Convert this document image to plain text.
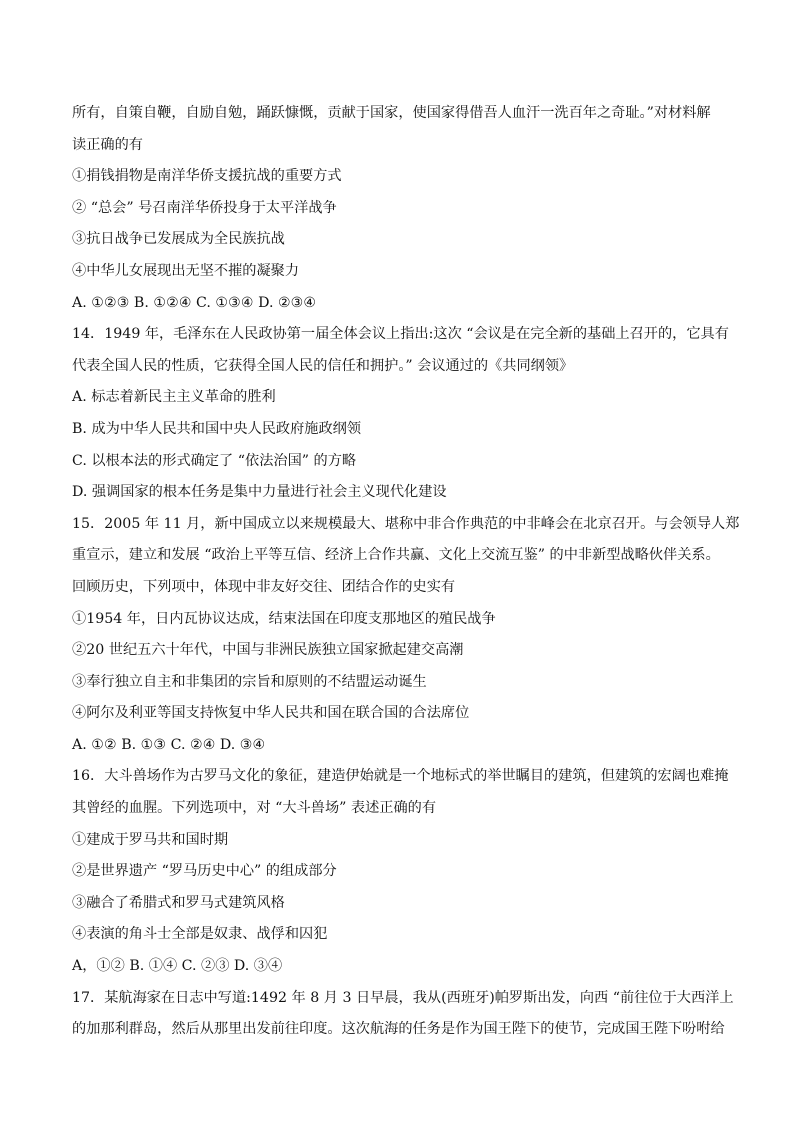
所有，自策自鞭，自励自勉，踊跃慷慨，贡献于国家，使国家得借吾人血汗一洗百年之奇耻。”对材料解
读正确的有
①捐钱捐物是南洋华侨支援抗战的重要方式
② “总会” 号召南洋华侨投身于太平洋战争
③抗日战争已发展成为全民族抗战
④中华儿女展现出无坚不摧的凝聚力
A. ①②③ B. ①②④ C. ①③④ D. ②③④
14．1949 年，毛泽东在人民政协第一届全体会议上指出:这次 “会议是在完全新的基础上召开的，它具有
代表全国人民的性质，它获得全国人民的信任和拥护。” 会议通过的《共同纲领》
A. 标志着新民主主义革命的胜利
B. 成为中华人民共和国中央人民政府施政纲领
C. 以根本法的形式确定了 “依法治国” 的方略
D. 强调国家的根本任务是集中力量进行社会主义现代化建设
15．2005 年 11 月，新中国成立以来规模最大、堪称中非合作典范的中非峰会在北京召开。与会领导人郑
重宣示，建立和发展 “政治上平等互信、经济上合作共赢、文化上交流互鉴” 的中非新型战略伙伴关系。
回顾历史，下列项中，体现中非友好交往、团结合作的史实有
①1954 年，日内瓦协议达成，结束法国在印度支那地区的殖民战争
②20 世纪五六十年代，中国与非洲民族独立国家掀起建交高潮
③奉行独立自主和非集团的宗旨和原则的不结盟运动诞生
④阿尔及利亚等国支持恢复中华人民共和国在联合国的合法席位
A. ①② B. ①③ C. ②④ D. ③④
16．大斗兽场作为古罗马文化的象征，建造伊始就是一个地标式的举世瞩目的建筑，但建筑的宏阔也难掩
其曾经的血腥。下列选项中，对 “大斗兽场” 表述正确的有
①建成于罗马共和国时期
②是世界遗产 “罗马历史中心” 的组成部分
③融合了希腊式和罗马式建筑风格
④表演的角斗士全部是奴隶、战俘和囚犯
A，①② B. ①④ C. ②③ D. ③④
17．某航海家在日志中写道:1492 年 8 月 3 日早晨，我从(西班牙)帕罗斯出发，向西 “前往位于大西洋上
的加那利群岛，然后从那里出发前往印度。这次航海的任务是作为国王陛下的使节，完成国王陛下吩咐给
